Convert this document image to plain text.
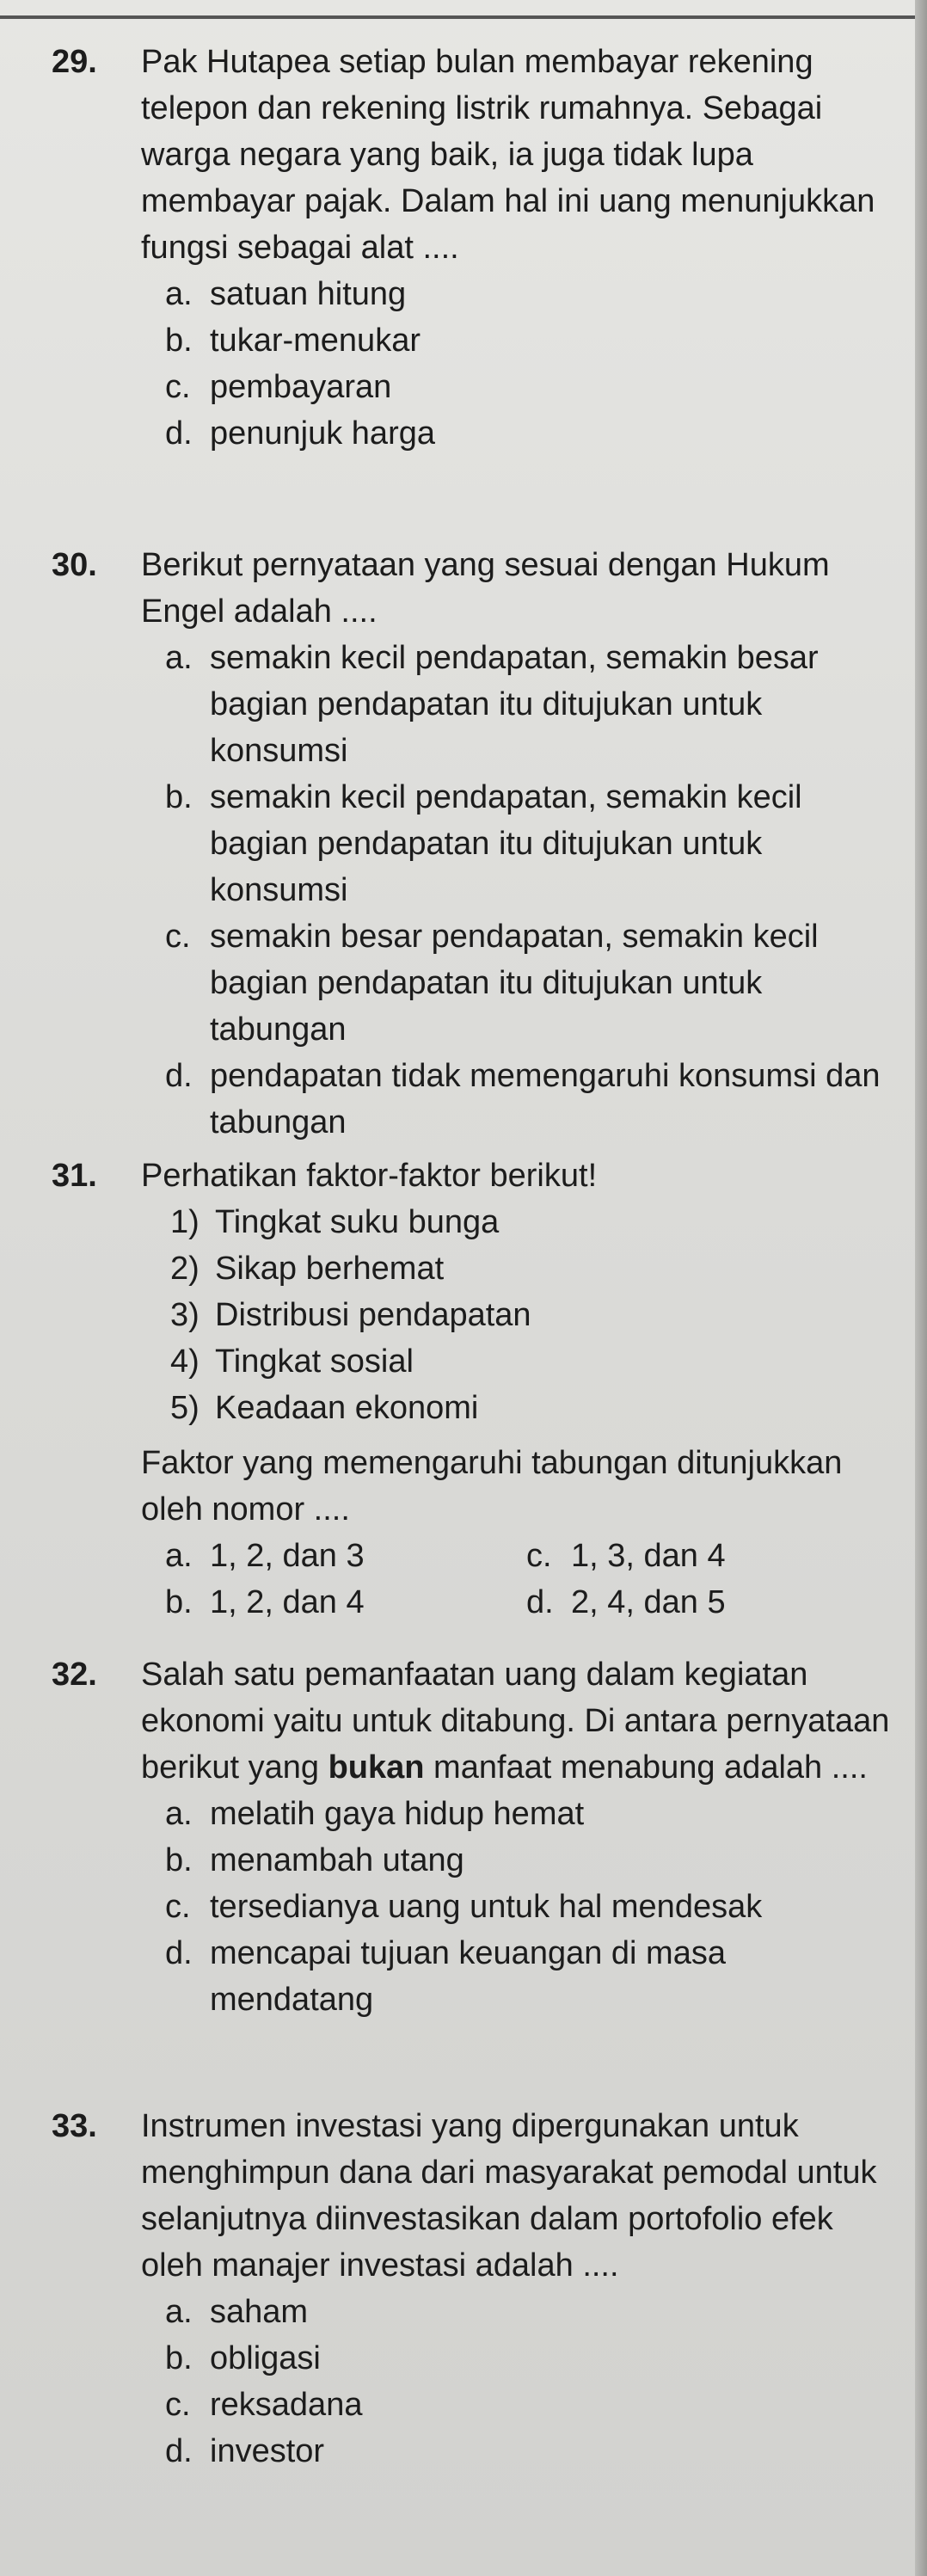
29. Pak Hutapea setiap bulan membayar rekening telepon dan rekening listrik rumahnya. Sebagai warga negara yang baik, ia juga tidak lupa membayar pajak. Dalam hal ini uang menunjukkan fungsi sebagai alat ....
a. satuan hitung
b. tukar-menukar
c. pembayaran
d. penunjuk harga
30. Berikut pernyataan yang sesuai dengan Hukum Engel adalah ....
a. semakin kecil pendapatan, semakin besar bagian pendapatan itu ditujukan untuk konsumsi
b. semakin kecil pendapatan, semakin kecil bagian pendapatan itu ditujukan untuk konsumsi
c. semakin besar pendapatan, semakin kecil bagian pendapatan itu ditujukan untuk tabungan
d. pendapatan tidak memengaruhi konsumsi dan tabungan
31. Perhatikan faktor-faktor berikut!
1) Tingkat suku bunga
2) Sikap berhemat
3) Distribusi pendapatan
4) Tingkat sosial
5) Keadaan ekonomi
Faktor yang memengaruhi tabungan ditunjukkan oleh nomor ....
a. 1, 2, dan 3	c. 1, 3, dan 4
b. 1, 2, dan 4	d. 2, 4, dan 5
32. Salah satu pemanfaatan uang dalam kegiatan ekonomi yaitu untuk ditabung. Di antara pernyataan berikut yang bukan manfaat menabung adalah ....
a. melatih gaya hidup hemat
b. menambah utang
c. tersedianya uang untuk hal mendesak
d. mencapai tujuan keuangan di masa mendatang
33. Instrumen investasi yang dipergunakan untuk menghimpun dana dari masyarakat pemodal untuk selanjutnya diinvestasikan dalam portofolio efek oleh manajer investasi adalah ....
a. saham
b. obligasi
c. reksadana
d. investor
